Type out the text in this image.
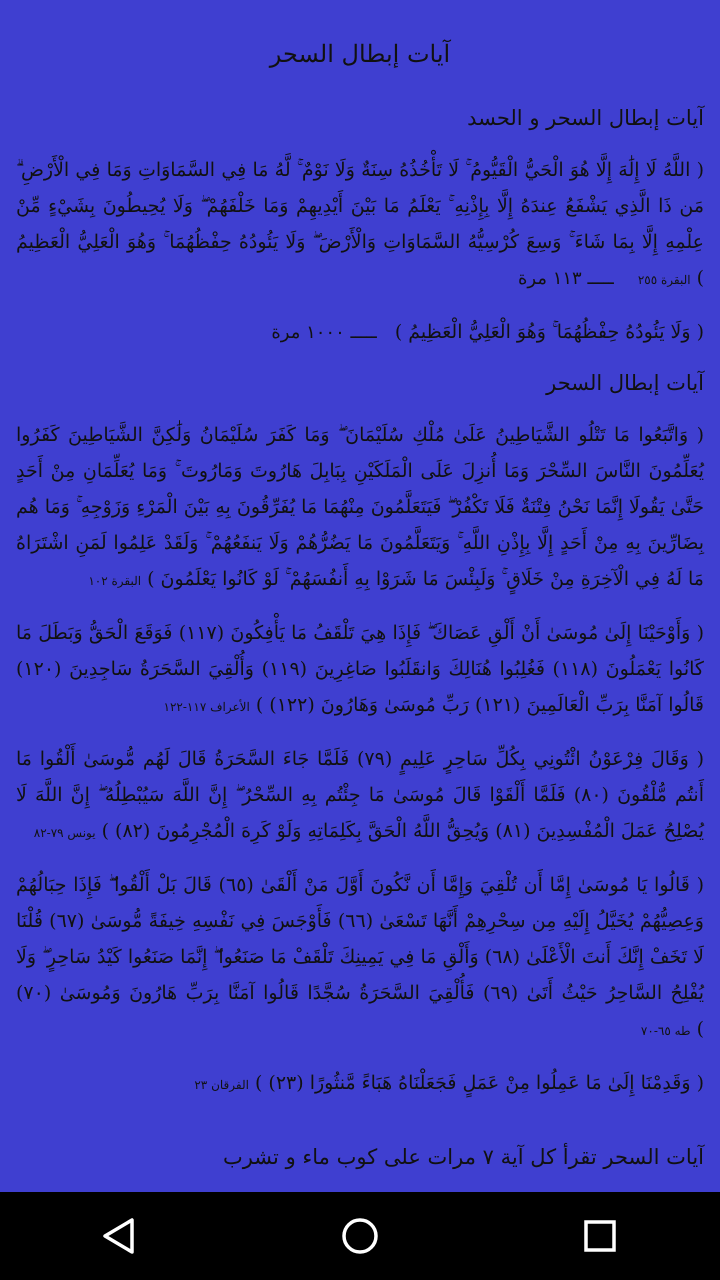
آيات إبطال السحر
آيات إبطال السحر و الحسد
( اللَّهُ لَا إِلَٰهَ إِلَّا هُوَ الْحَيُّ الْقَيُّومُ ۚ لَا تَأْخُذُهُ سِنَةٌ وَلَا نَوْمٌ ۚ لَّهُ مَا فِي السَّمَاوَاتِ وَمَا فِي الْأَرْضِ ۗ مَن ذَا الَّذِي يَشْفَعُ عِندَهُ إِلَّا بِإِذْنِهِ ۚ يَعْلَمُ مَا بَيْنَ أَيْدِيهِمْ وَمَا خَلْفَهُمْ ۖ وَلَا يُحِيطُونَ بِشَيْءٍ مِّنْ عِلْمِهِ إِلَّا بِمَا شَاءَ ۚ وَسِعَ كُرْسِيُّهُ السَّمَاوَاتِ وَالْأَرْضَ ۖ وَلَا يَئُودُهُ حِفْظُهُمَا ۚ وَهُوَ الْعَلِيُّ الْعَظِيمُ )البقرة ٢٥٥ـــــ ١١٣ مرة
( وَلَا يَئُودُهُ حِفْظُهُمَا ۚ وَهُوَ الْعَلِيُّ الْعَظِيمُ )ـــــ ١٠٠٠ مرة
آيات إبطال السحر
( وَاتَّبَعُوا مَا تَتْلُو الشَّيَاطِينُ عَلَىٰ مُلْكِ سُلَيْمَانَ ۖ وَمَا كَفَرَ سُلَيْمَانُ وَلَٰكِنَّ الشَّيَاطِينَ كَفَرُوا يُعَلِّمُونَ النَّاسَ السِّحْرَ وَمَا أُنزِلَ عَلَى الْمَلَكَيْنِ بِبَابِلَ هَارُوتَ وَمَارُوتَ ۚ وَمَا يُعَلِّمَانِ مِنْ أَحَدٍ حَتَّىٰ يَقُولَا إِنَّمَا نَحْنُ فِتْنَةٌ فَلَا تَكْفُرْ ۖ فَيَتَعَلَّمُونَ مِنْهُمَا مَا يُفَرِّقُونَ بِهِ بَيْنَ الْمَرْءِ وَزَوْجِهِ ۚ وَمَا هُم بِضَارِّينَ بِهِ مِنْ أَحَدٍ إِلَّا بِإِذْنِ اللَّهِ ۚ وَيَتَعَلَّمُونَ مَا يَضُرُّهُمْ وَلَا يَنفَعُهُمْ ۚ وَلَقَدْ عَلِمُوا لَمَنِ اشْتَرَاهُ مَا لَهُ فِي الْآخِرَةِ مِنْ خَلَاقٍ ۚ وَلَبِئْسَ مَا شَرَوْا بِهِ أَنفُسَهُمْ ۚ لَوْ كَانُوا يَعْلَمُونَ )البقرة ١٠٢
( وَأَوْحَيْنَا إِلَىٰ مُوسَىٰ أَنْ أَلْقِ عَصَاكَ ۖ فَإِذَا هِيَ تَلْقَفُ مَا يَأْفِكُونَ (١١٧) فَوَقَعَ الْحَقُّ وَبَطَلَ مَا كَانُوا يَعْمَلُونَ (١١٨) فَغُلِبُوا هُنَالِكَ وَانقَلَبُوا صَاغِرِينَ (١١٩) وَأُلْقِيَ السَّحَرَةُ سَاجِدِينَ (١٢٠) قَالُوا آمَنَّا بِرَبِّ الْعَالَمِينَ (١٢١) رَبِّ مُوسَىٰ وَهَارُونَ (١٢٢) )الأعراف ١١٧-١٢٢
( وَقَالَ فِرْعَوْنُ ائْتُونِي بِكُلِّ سَاحِرٍ عَلِيمٍ (٧٩) فَلَمَّا جَاءَ السَّحَرَةُ قَالَ لَهُم مُّوسَىٰ أَلْقُوا مَا أَنتُم مُّلْقُونَ (٨٠) فَلَمَّا أَلْقَوْا قَالَ مُوسَىٰ مَا جِئْتُم بِهِ السِّحْرُ ۖ إِنَّ اللَّهَ سَيُبْطِلُهُ ۖ إِنَّ اللَّهَ لَا يُصْلِحُ عَمَلَ الْمُفْسِدِينَ (٨١) وَيُحِقُّ اللَّهُ الْحَقَّ بِكَلِمَاتِهِ وَلَوْ كَرِهَ الْمُجْرِمُونَ (٨٢) )يونس ٧٩-٨٢
( قَالُوا يَا مُوسَىٰ إِمَّا أَن تُلْقِيَ وَإِمَّا أَن نَّكُونَ أَوَّلَ مَنْ أَلْقَىٰ (٦٥) قَالَ بَلْ أَلْقُوا ۖ فَإِذَا حِبَالُهُمْ وَعِصِيُّهُمْ يُخَيَّلُ إِلَيْهِ مِن سِحْرِهِمْ أَنَّهَا تَسْعَىٰ (٦٦) فَأَوْجَسَ فِي نَفْسِهِ خِيفَةً مُّوسَىٰ (٦٧) قُلْنَا لَا تَخَفْ إِنَّكَ أَنتَ الْأَعْلَىٰ (٦٨) وَأَلْقِ مَا فِي يَمِينِكَ تَلْقَفْ مَا صَنَعُوا ۖ إِنَّمَا صَنَعُوا كَيْدُ سَاحِرٍ ۖ وَلَا يُفْلِحُ السَّاحِرُ حَيْثُ أَتَىٰ (٦٩) فَأُلْقِيَ السَّحَرَةُ سُجَّدًا قَالُوا آمَنَّا بِرَبِّ هَارُونَ وَمُوسَىٰ (٧٠) )طه ٦٥-٧٠
( وَقَدِمْنَا إِلَىٰ مَا عَمِلُوا مِنْ عَمَلٍ فَجَعَلْنَاهُ هَبَاءً مَّنثُورًا (٢٣) )الفرقان ٢٣
آيات السحر تقرأ كل آية ٧ مرات على كوب ماء و تشرب
